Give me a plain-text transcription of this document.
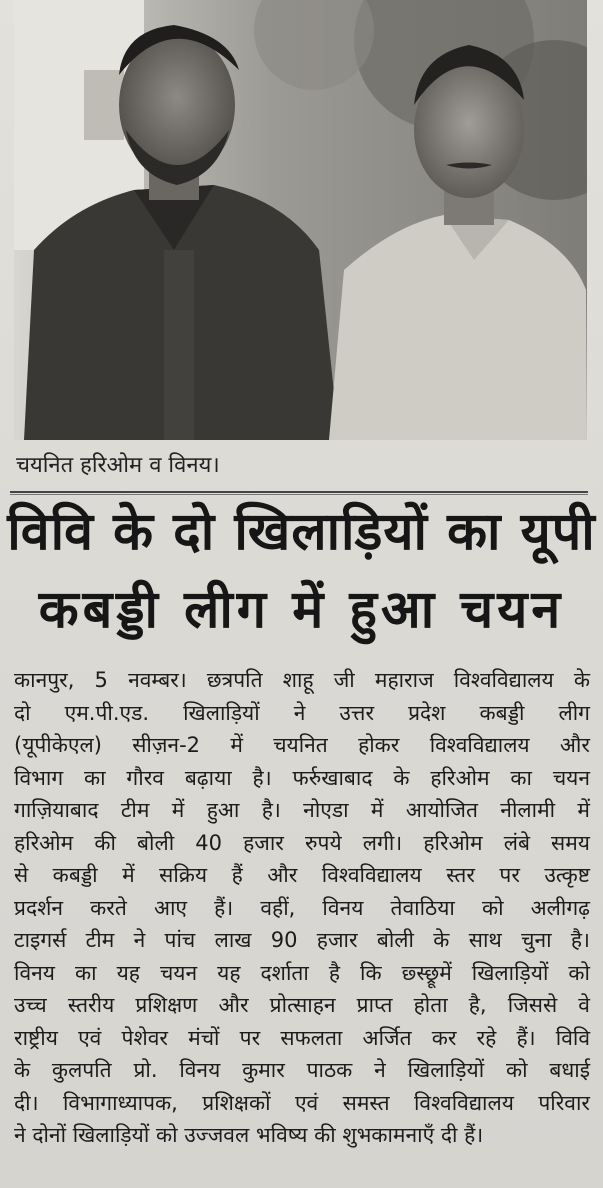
चयनित हरिओम व विनय।
विवि के दो खिलाड़ियों का यूपी
कबड्डी लीग में हुआ चयन
कानपुर, 5 नवम्बर। छत्रपति शाहू जी महाराज विश्वविद्यालय के
दो एम.पी.एड. खिलाड़ियों ने उत्तर प्रदेश कबड्डी लीग
(यूपीकेएल) सीज़न-2 में चयनित होकर विश्वविद्यालय और
विभाग का गौरव बढ़ाया है। फर्रुखाबाद के हरिओम का चयन
गाज़ियाबाद टीम में हुआ है। नोएडा में आयोजित नीलामी में
हरिओम की बोली 40 हजार रुपये लगी। हरिओम लंबे समय
से कबड्डी में सक्रिय हैं और विश्वविद्यालय स्तर पर उत्कृष्ट
प्रदर्शन करते आए हैं। वहीं, विनय तेवाठिया को अलीगढ़
टाइगर्स टीम ने पांच लाख 90 हजार बोली के साथ चुना है।
विनय का यह चयन यह दर्शाता है कि छ्स्छ्रूमें खिलाड़ियों को
उच्च स्तरीय प्रशिक्षण और प्रोत्साहन प्राप्त होता है, जिससे वे
राष्ट्रीय एवं पेशेवर मंचों पर सफलता अर्जित कर रहे हैं। विवि
के कुलपति प्रो. विनय कुमार पाठक ने खिलाड़ियों को बधाई
दी। विभागाध्यापक, प्रशिक्षकों एवं समस्त विश्वविद्यालय परिवार
ने दोनों खिलाड़ियों को उज्जवल भविष्य की शुभकामनाएँ दी हैं।
